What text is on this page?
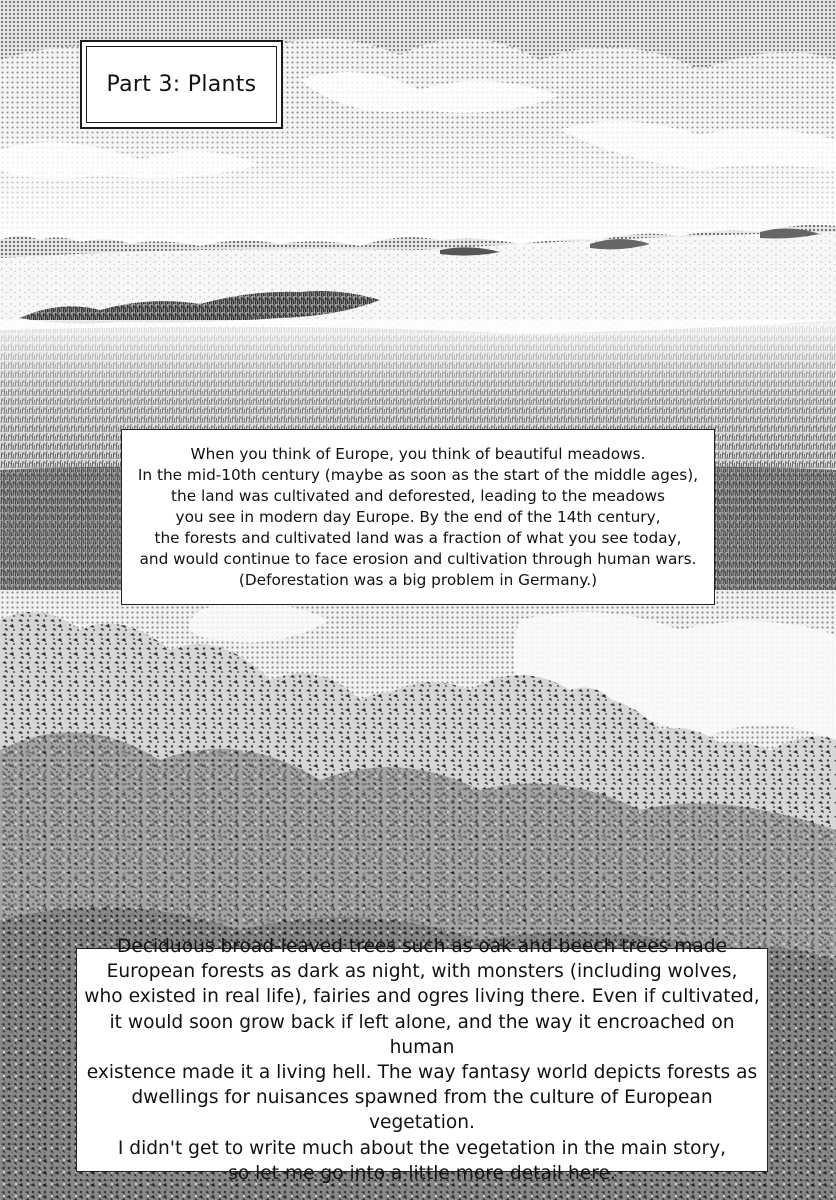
Part 3: Plants

When you think of Europe, you think of beautiful meadows.
In the mid-10th century (maybe as soon as the start of the middle ages),
the land was cultivated and deforested, leading to the meadows
you see in modern day Europe. By the end of the 14th century,
the forests and cultivated land was a fraction of what you see today,
and would continue to face erosion and cultivation through human wars.
(Deforestation was a big problem in Germany.)

Deciduous broad-leaved trees such as oak and beech trees made
European forests as dark as night, with monsters (including wolves,
who existed in real life), fairies and ogres living there. Even if cultivated,
it would soon grow back if left alone, and the way it encroached on human
existence made it a living hell. The way fantasy world depicts forests as
dwellings for nuisances spawned from the culture of European vegetation.
I didn't get to write much about the vegetation in the main story,
so let me go into a little more detail here.
